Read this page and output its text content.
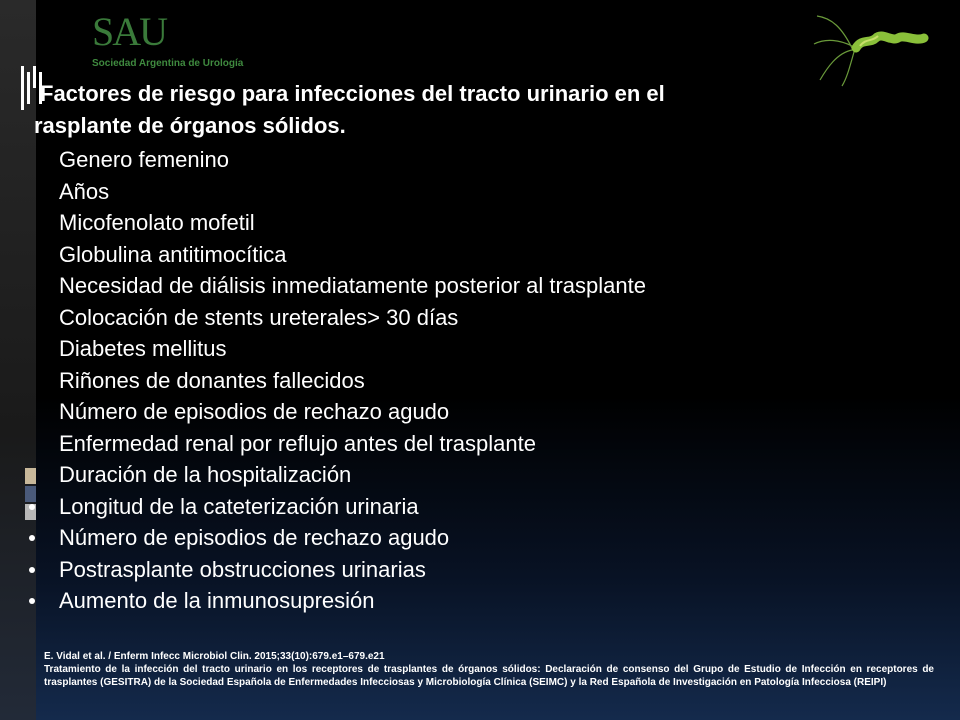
SAU
Sociedad Argentina de Urología
Factores de riesgo para infecciones del tracto urinario en el
rasplante de órganos sólidos.
Genero femenino
Años
Micofenolato mofetil
Globulina antitimocítica
Necesidad de diálisis inmediatamente posterior al trasplante
Colocación de stents ureterales> 30 días
Diabetes mellitus
Riñones de donantes fallecidos
Número de episodios de rechazo agudo
Enfermedad renal por reflujo antes del trasplante
Duración de la hospitalización
Longitud de la cateterización urinaria
Número de episodios de rechazo agudo
Postrasplante obstrucciones urinarias
Aumento de la inmunosupresión
E. Vidal et al. / Enferm Infecc Microbiol Clin. 2015;33(10):679.e1–679.e21
Tratamiento de la infección del tracto urinario en los receptores de trasplantes de órganos sólidos: Declaración de consenso del Grupo de Estudio de Infección en receptores de trasplantes (GESITRA) de la Sociedad Española de Enfermedades Infecciosas y Microbiología Clínica (SEIMC) y la Red Española de Investigación en Patología Infecciosa (REIPI)
